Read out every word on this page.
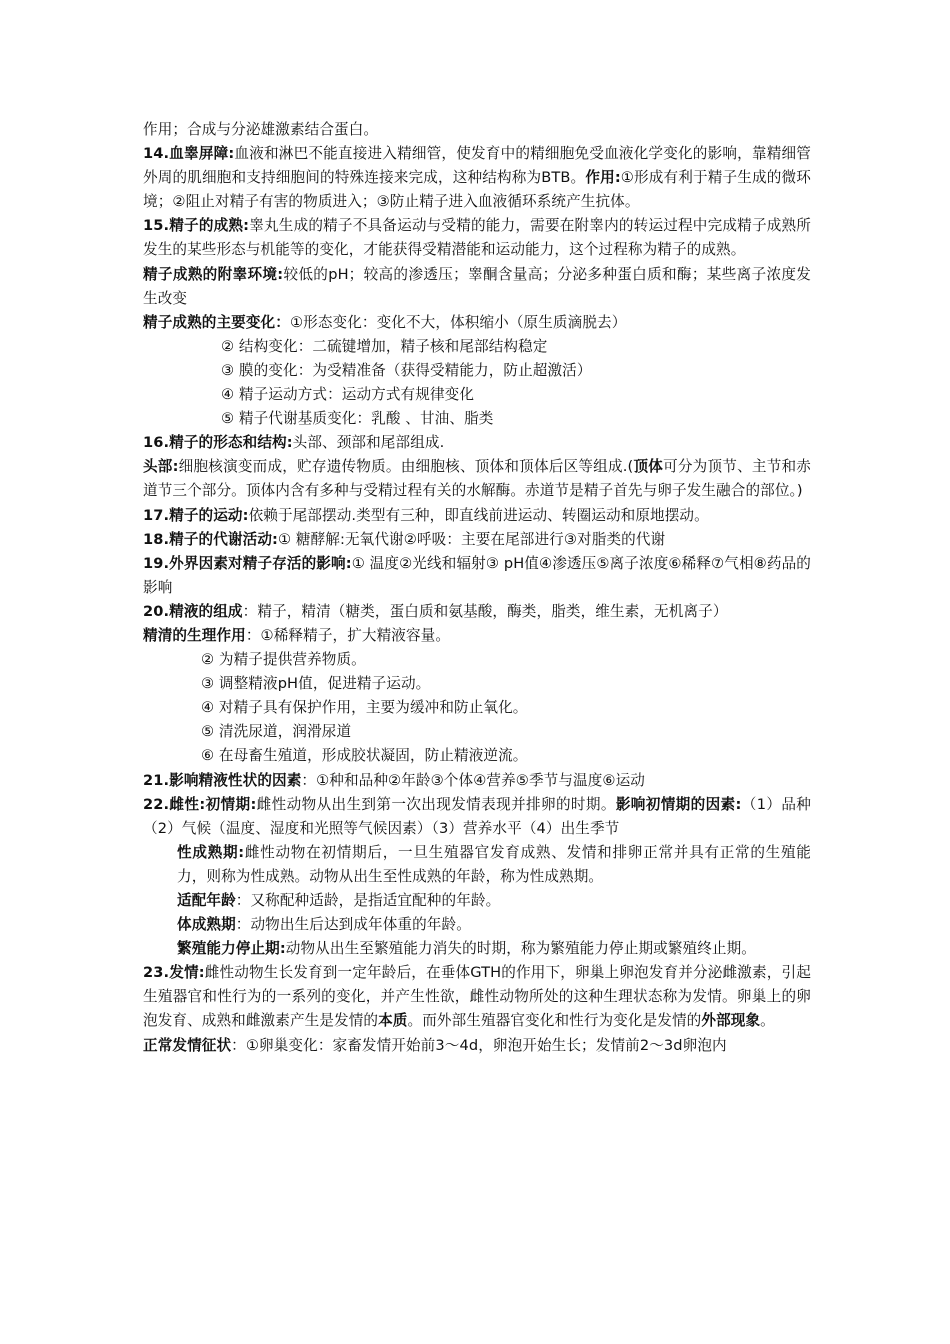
作用；合成与分泌雄激素结合蛋白。

14.血睾屏障:血液和淋巴不能直接进入精细管，使发育中的精细胞免受血液化学变化的影响，靠精细管外周的肌细胞和支持细胞间的特殊连接来完成，这种结构称为BTB。作用:①形成有利于精子生成的微环境；②阻止对精子有害的物质进入；③防止精子进入血液循环系统产生抗体。

15.精子的成熟:睾丸生成的精子不具备运动与受精的能力，需要在附睾内的转运过程中完成精子成熟所发生的某些形态与机能等的变化，才能获得受精潜能和运动能力，这个过程称为精子的成熟。

精子成熟的附睾环境:较低的pH；较高的渗透压；睾酮含量高；分泌多种蛋白质和酶；某些离子浓度发生改变

精子成熟的主要变化：①形态变化：变化不大，体积缩小（原生质滴脱去）

② 结构变化：二硫键增加，精子核和尾部结构稳定

③ 膜的变化：为受精准备（获得受精能力，防止超激活）

④ 精子运动方式：运动方式有规律变化

⑤ 精子代谢基质变化：乳酸 、甘油、脂类

16.精子的形态和结构:头部、颈部和尾部组成.

头部:细胞核演变而成，贮存遗传物质。由细胞核、顶体和顶体后区等组成.(顶体可分为顶节、主节和赤道节三个部分。顶体内含有多种与受精过程有关的水解酶。赤道节是精子首先与卵子发生融合的部位。)

17.精子的运动:依赖于尾部摆动.类型有三种，即直线前进运动、转圈运动和原地摆动。

18.精子的代谢活动:① 糖酵解:无氧代谢②呼吸：主要在尾部进行③对脂类的代谢

19.外界因素对精子存活的影响:① 温度②光线和辐射③ pH值④渗透压⑤离子浓度⑥稀释⑦气相⑧药品的影响

20.精液的组成：精子，精清（糖类，蛋白质和氨基酸，酶类，脂类，维生素，无机离子）

精清的生理作用：①稀释精子，扩大精液容量。

② 为精子提供营养物质。

③ 调整精液pH值，促进精子运动。

④ 对精子具有保护作用，主要为缓冲和防止氧化。

⑤ 清洗尿道，润滑尿道

⑥ 在母畜生殖道，形成胶状凝固，防止精液逆流。

21.影响精液性状的因素：①种和品种②年龄③个体④营养⑤季节与温度⑥运动

22.雌性:初情期:雌性动物从出生到第一次出现发情表现并排卵的时期。影响初情期的因素:（1）品种（2）气候（温度、湿度和光照等气候因素）（3）营养水平（4）出生季节

性成熟期:雌性动物在初情期后，一旦生殖器官发育成熟、发情和排卵正常并具有正常的生殖能力，则称为性成熟。动物从出生至性成熟的年龄，称为性成熟期。

适配年龄：又称配种适龄，是指适宜配种的年龄。

体成熟期：动物出生后达到成年体重的年龄。

繁殖能力停止期:动物从出生至繁殖能力消失的时期，称为繁殖能力停止期或繁殖终止期。

23.发情:雌性动物生长发育到一定年龄后，在垂体GTH的作用下，卵巢上卵泡发育并分泌雌激素，引起生殖器官和性行为的一系列的变化，并产生性欲，雌性动物所处的这种生理状态称为发情。卵巢上的卵泡发育、成熟和雌激素产生是发情的本质。而外部生殖器官变化和性行为变化是发情的外部现象。

正常发情征状：①卵巢变化：家畜发情开始前3～4d，卵泡开始生长；发情前2～3d卵泡内
